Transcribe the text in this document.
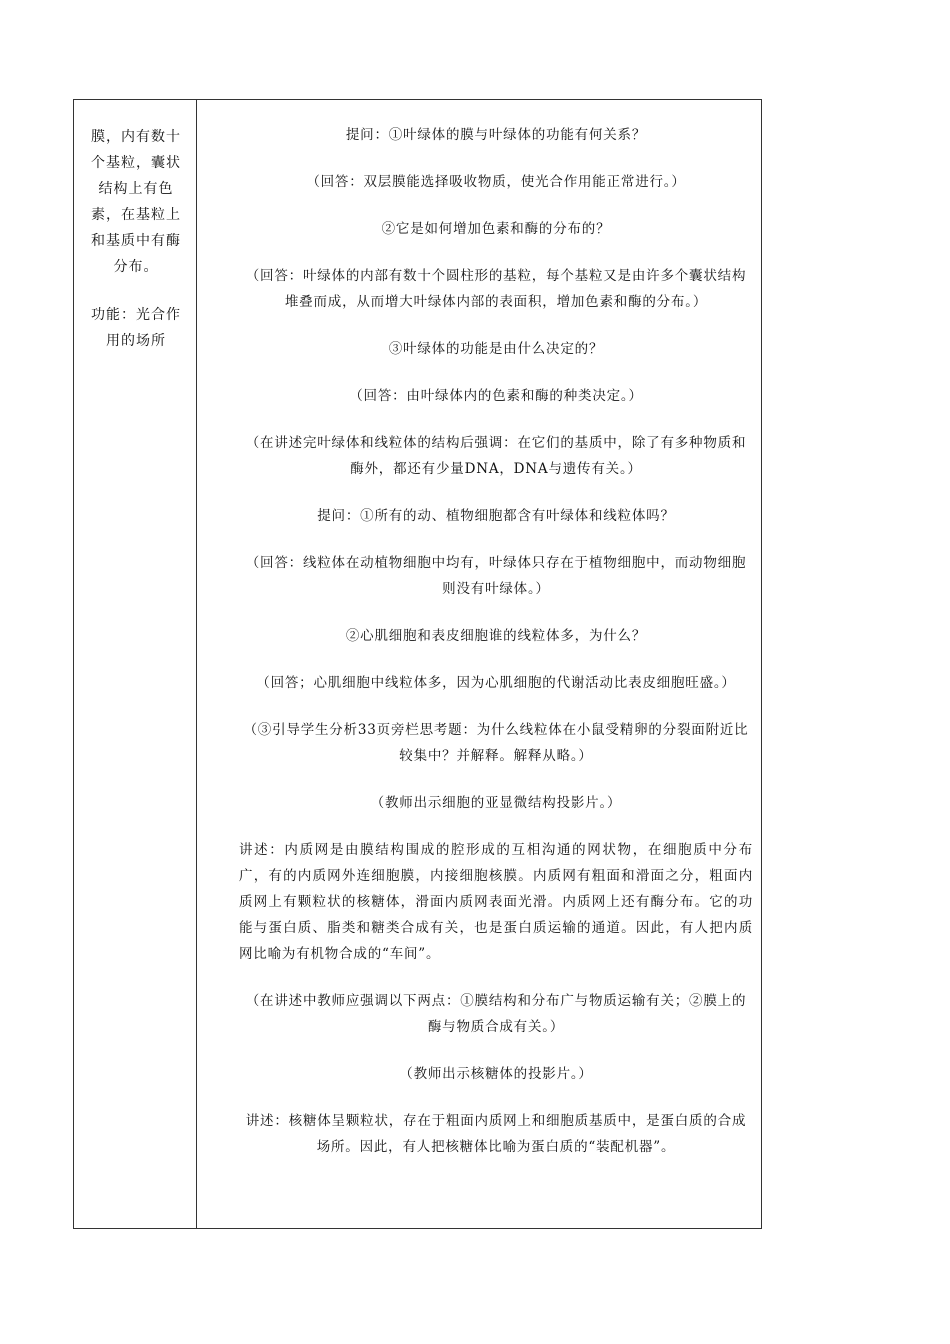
膜，内有数十个基粒，囊状结构上有色素，在基粒上和基质中有酶分布。

功能：光合作用的场所

提问：①叶绿体的膜与叶绿体的功能有何关系？

（回答：双层膜能选择吸收物质，使光合作用能正常进行。）

②它是如何增加色素和酶的分布的？

（回答：叶绿体的内部有数十个圆柱形的基粒，每个基粒又是由许多个囊状结构堆叠而成，从而增大叶绿体内部的表面积，增加色素和酶的分布。）

③叶绿体的功能是由什么决定的？

（回答：由叶绿体内的色素和酶的种类决定。）

（在讲述完叶绿体和线粒体的结构后强调：在它们的基质中，除了有多种物质和酶外，都还有少量DNA，DNA与遗传有关。）

提问：①所有的动、植物细胞都含有叶绿体和线粒体吗？

（回答：线粒体在动植物细胞中均有，叶绿体只存在于植物细胞中，而动物细胞则没有叶绿体。）

②心肌细胞和表皮细胞谁的线粒体多，为什么？

（回答；心肌细胞中线粒体多，因为心肌细胞的代谢活动比表皮细胞旺盛。）

（③引导学生分析33页旁栏思考题：为什么线粒体在小鼠受精卵的分裂面附近比较集中？并解释。解释从略。）

（教师出示细胞的亚显微结构投影片。）

讲述：内质网是由膜结构围成的腔形成的互相沟通的网状物，在细胞质中分布广，有的内质网外连细胞膜，内接细胞核膜。内质网有粗面和滑面之分，粗面内质网上有颗粒状的核糖体，滑面内质网表面光滑。内质网上还有酶分布。它的功能与蛋白质、脂类和糖类合成有关，也是蛋白质运输的通道。因此，有人把内质网比喻为有机物合成的“车间”。

（在讲述中教师应强调以下两点：①膜结构和分布广与物质运输有关；②膜上的酶与物质合成有关。）

（教师出示核糖体的投影片。）

讲述：核糖体呈颗粒状，存在于粗面内质网上和细胞质基质中，是蛋白质的合成场所。因此，有人把核糖体比喻为蛋白质的“装配机器”。
